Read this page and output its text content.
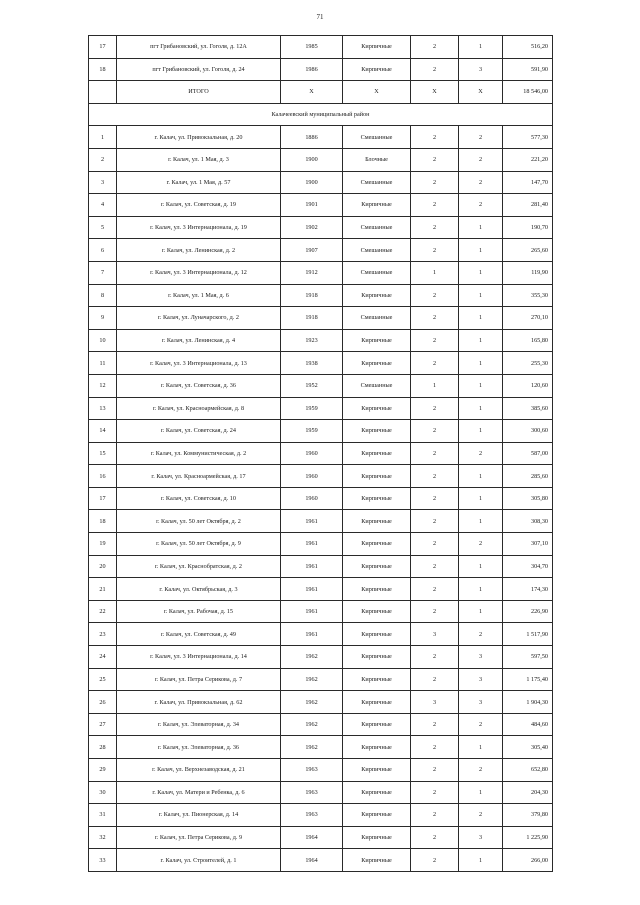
71
17	пгт Грибановский, ул. Гоголя, д. 12А	1985	Кирпичные	2	1	516,20
18	пгт Грибановский, ул. Гоголя, д. 24	1986	Кирпичные	2	3	591,90
	ИТОГО	X	X	X	X	18 546,00
Калачеевский муниципальный район						
1	г. Калач, ул. Привокзальная, д. 20	1886	Смешанные	2	2	577,30
2	г. Калач, ул. 1 Мая, д. 3	1900	Блочные	2	2	221,20
3	г. Калач, ул. 1 Мая, д. 57	1900	Смешанные	2	2	147,70
4	г. Калач, ул. Советская, д. 19	1901	Кирпичные	2	2	281,40
5	г. Калач, ул. 3 Интернационала, д. 19	1902	Смешанные	2	1	190,70
6	г. Калач, ул. Ленинская, д. 2	1907	Смешанные	2	1	265,60
7	г. Калач, ул. 3 Интернационала, д. 12	1912	Смешанные	1	1	119,90
8	г. Калач, ул. 1 Мая, д. 6	1918	Кирпичные	2	1	355,30
9	г. Калач, ул. Луначарского, д. 2	1918	Смешанные	2	1	270,10
10	г. Калач, ул. Ленинская, д. 4	1923	Кирпичные	2	1	165,80
11	г. Калач, ул. 3 Интернационала, д. 13	1938	Кирпичные	2	1	255,30
12	г. Калач, ул. Советская, д. 36	1952	Смешанные	1	1	120,60
13	г. Калач, ул. Красноармейская, д. 8	1959	Кирпичные	2	1	385,60
14	г. Калач, ул. Советская, д. 24	1959	Кирпичные	2	1	300,60
15	г. Калач, ул. Коммунистическая, д. 2	1960	Кирпичные	2	2	587,00
16	г. Калач, ул. Красноармейская, д. 17	1960	Кирпичные	2	1	285,60
17	г. Калач, ул. Советская, д. 10	1960	Кирпичные	2	1	305,80
18	г. Калач, ул. 50 лет Октября, д. 2	1961	Кирпичные	2	1	308,30
19	г. Калач, ул. 50 лет Октября, д. 9	1961	Кирпичные	2	2	307,10
20	г. Калач, ул. Краснобратская, д. 2	1961	Кирпичные	2	1	304,70
21	г. Калач, ул. Октябрьская, д. 3	1961	Кирпичные	2	1	174,30
22	г. Калач, ул. Рабочая, д. 15	1961	Кирпичные	2	1	226,90
23	г. Калач, ул. Советская, д. 49	1961	Кирпичные	3	2	1 517,90
24	г. Калач, ул. 3 Интернационала, д. 14	1962	Кирпичные	2	3	597,50
25	г. Калач, ул. Петра Серикова, д. 7	1962	Кирпичные	2	3	1 175,40
26	г. Калач, ул. Привокзальная, д. 62	1962	Кирпичные	3	3	1 904,30
27	г. Калач, ул. Элеваторная, д. 34	1962	Кирпичные	2	2	484,60
28	г. Калач, ул. Элеваторная, д. 36	1962	Кирпичные	2	1	305,40
29	г. Калач, ул. Верхнезаводская, д. 21	1963	Кирпичные	2	2	652,80
30	г. Калач, ул. Матери и Ребенка, д. 6	1963	Кирпичные	2	1	204,30
31	г. Калач, ул. Пионерская, д. 14	1963	Кирпичные	2	2	379,80
32	г. Калач, ул. Петра Серикова, д. 9	1964	Кирпичные	2	3	1 225,90
33	г. Калач, ул. Строителей, д. 1	1964	Кирпичные	2	1	266,00
